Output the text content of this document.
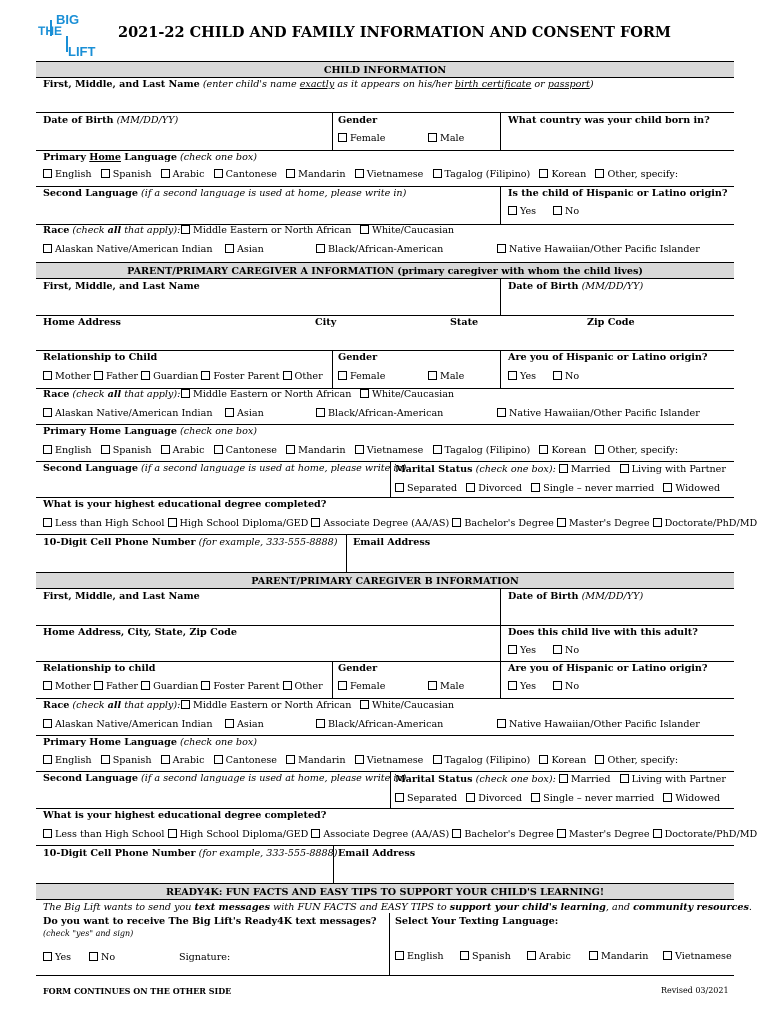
BIG
THE
LIFT
2021-22 CHILD AND FAMILY INFORMATION AND CONSENT FORM
CHILD INFORMATION
First, Middle, and Last Name (enter child's name exactly as it appears on his/her birth certificate or passport)
Date of Birth (MM/DD/YY)	Gender
Female	Male
What country was your child born in?
Primary Home Language (check one box)
English Spanish Arabic Cantonese Mandarin Vietnamese Tagalog (Filipino) Korean Other, specify:
Second Language (if a second language is used at home, please write in)	Is the child of Hispanic or Latino origin?
Yes	No
Race (check all that apply):	Middle Eastern or North African	White/Caucasian
Alaskan Native/American Indian	Asian	Black/African-American	Native Hawaiian/Other Pacific Islander
PARENT/PRIMARY CAREGIVER A INFORMATION (primary caregiver with whom the child lives)
First, Middle, and Last Name	Date of Birth (MM/DD/YY)
Home Address	City	State	Zip Code
Relationship to Child	Gender	Are you of Hispanic or Latino origin?
Mother Father Guardian Foster Parent Other	Female	Male	Yes	No
Race (check all that apply):	Middle Eastern or North African	White/Caucasian
Alaskan Native/American Indian	Asian	Black/African-American	Native Hawaiian/Other Pacific Islander
Primary Home Language (check one box)
English Spanish Arabic Cantonese Mandarin Vietnamese Tagalog (Filipino) Korean Other, specify:
Second Language (if a second language is used at home, please write in)
Marital Status (check one box): Married Living with Partner
Separated Divorced Single – never married Widowed
What is your highest educational degree completed?
Less than High School High School Diploma/GED Associate Degree (AA/AS) Bachelor's Degree Master's Degree Doctorate/PhD/MD
10-Digit Cell Phone Number (for example, 333-555-8888) Email Address
PARENT/PRIMARY CAREGIVER B INFORMATION
First, Middle, and Last Name	Date of Birth (MM/DD/YY)
Home Address, City, State, Zip Code	Does this child live with this adult?
Yes	No
Relationship to child	Gender	Are you of Hispanic or Latino origin?
Mother Father Guardian Foster Parent Other	Female	Male	Yes	No
Race (check all that apply):	Middle Eastern or North African	White/Caucasian
Alaskan Native/American Indian	Asian	Black/African-American	Native Hawaiian/Other Pacific Islander
Primary Home Language (check one box)
English Spanish Arabic Cantonese Mandarin Vietnamese Tagalog (Filipino) Korean Other, specify:
Second Language (if a second language is used at home, please write in)
Marital Status (check one box): Married Living with Partner
Separated Divorced Single – never married Widowed
What is your highest educational degree completed?
Less than High School High School Diploma/GED Associate Degree (AA/AS) Bachelor's Degree Master's Degree Doctorate/PhD/MD
10-Digit Cell Phone Number (for example, 333-555-8888) Email Address
READY4K: FUN FACTS AND EASY TIPS TO SUPPORT YOUR CHILD'S LEARNING!
The Big Lift wants to send you text messages with FUN FACTS and EASY TIPS to support your child's learning, and community resources.
Do you want to receive The Big Lift's Ready4K text messages?
(check "yes" and sign)
Select Your Texting Language:
Yes	No	Signature:	English	Spanish	Arabic	Mandarin	Vietnamese
FORM CONTINUES ON THE OTHER SIDE	Revised 03/2021
